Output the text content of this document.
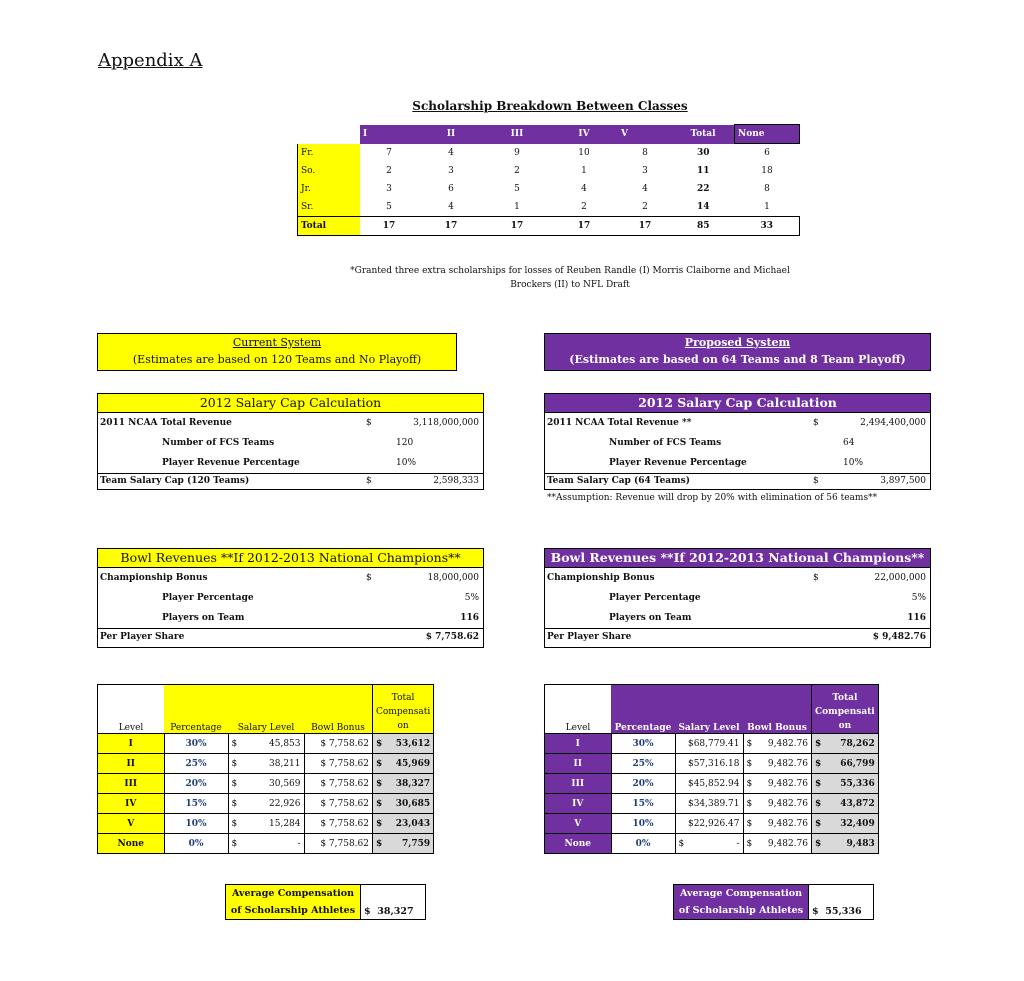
Appendix A
Scholarship Breakdown Between Classes
	I	II	III	IV	V	Total	None
Fr.	7	4	9	10	8	30	6
So.	2	3	2	1	3	11	18
Jr.	3	6	5	4	4	22	8
Sr.	5	4	1	2	2	14	1
Total	17	17	17	17	17	85	33
*Granted three extra scholarships for losses of Reuben Randle (I) Morris Claiborne and Michael Brockers (II) to NFL Draft
Current System
(Estimates are based on 120 Teams and No Playoff)
2012 Salary Cap Calculation
2011 NCAA Total Revenue	$	3,118,000,000
Number of FCS Teams	120
Player Revenue Percentage	10%
Team Salary Cap (120 Teams)	$	2,598,333
Bowl Revenues **If 2012-2013 National Champions**
Championship Bonus	$	18,000,000
Player Percentage	5%
Players on Team	116
Per Player Share	$ 7,758.62
Level	Percentage	Salary Level	Bowl Bonus	Total Compensati on
I	30%	$ 45,853	$ 7,758.62	$ 53,612
II	25%	$ 38,211	$ 7,758.62	$ 45,969
III	20%	$ 30,569	$ 7,758.62	$ 38,327
IV	15%	$ 22,926	$ 7,758.62	$ 30,685
V	10%	$ 15,284	$ 7,758.62	$ 23,043
None	0%	$ -	$ 7,758.62	$ 7,759
Average Compensation
of Scholarship Athletes	$ 38,327
Proposed System
(Estimates are based on 64 Teams and 8 Team Playoff)
2012 Salary Cap Calculation
2011 NCAA Total Revenue **	$	2,494,400,000
Number of FCS Teams	64
Player Revenue Percentage	10%
Team Salary Cap (64 Teams)	$	3,897,500
**Assumption: Revenue will drop by 20% with elimination of 56 teams**
Bowl Revenues **If 2012-2013 National Champions**
Championship Bonus	$	22,000,000
Player Percentage	5%
Players on Team	116
Per Player Share	$ 9,482.76
Level	Percentage	Salary Level	Bowl Bonus	Total Compensati on
I	30%	$68,779.41	$ 9,482.76	$ 78,262
II	25%	$57,316.18	$ 9,482.76	$ 66,799
III	20%	$45,852.94	$ 9,482.76	$ 55,336
IV	15%	$34,389.71	$ 9,482.76	$ 43,872
V	10%	$22,926.47	$ 9,482.76	$ 32,409
None	0%	$ -	$ 9,482.76	$ 9,483
Average Compensation
of Scholarship Athletes	$ 55,336
